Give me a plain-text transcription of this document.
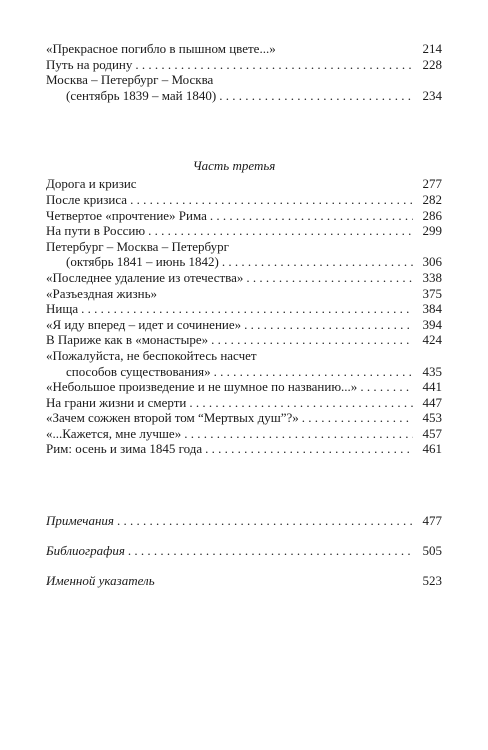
«Прекрасное погибло в пышном цвете...»	214
Путь на родину . . .	228
Москва – Петербург – Москва
(сентябрь 1839 – май 1840) . . .	234
Часть третья
Дорога и кризис	277
После кризиса . . .	282
Четвертое «прочтение» Рима . . .	286
На пути в Россию . . .	299
Петербург – Москва – Петербург
(октябрь 1841 – июнь 1842) . . .	306
«Последнее удаление из отечества» . . .	338
«Разъездная жизнь»	375
Нища . . .	384
«Я иду вперед – идет и сочинение» . . .	394
В Париже как в «монастыре» . . .	424
«Пожалуйста, не беспокойтесь насчет
способов существования» . . .	435
«Небольшое произведение и не шумное по названию...» . . .	441
На грани жизни и смерти . . .	447
«Зачем сожжен второй том “Мертвых душ”?» . . .	453
«...Кажется, мне лучше» . . .	457
Рим: осень и зима 1845 года . . .	461
Примечания . . .	477
Библиография . . .	505
Именной указатель	523
